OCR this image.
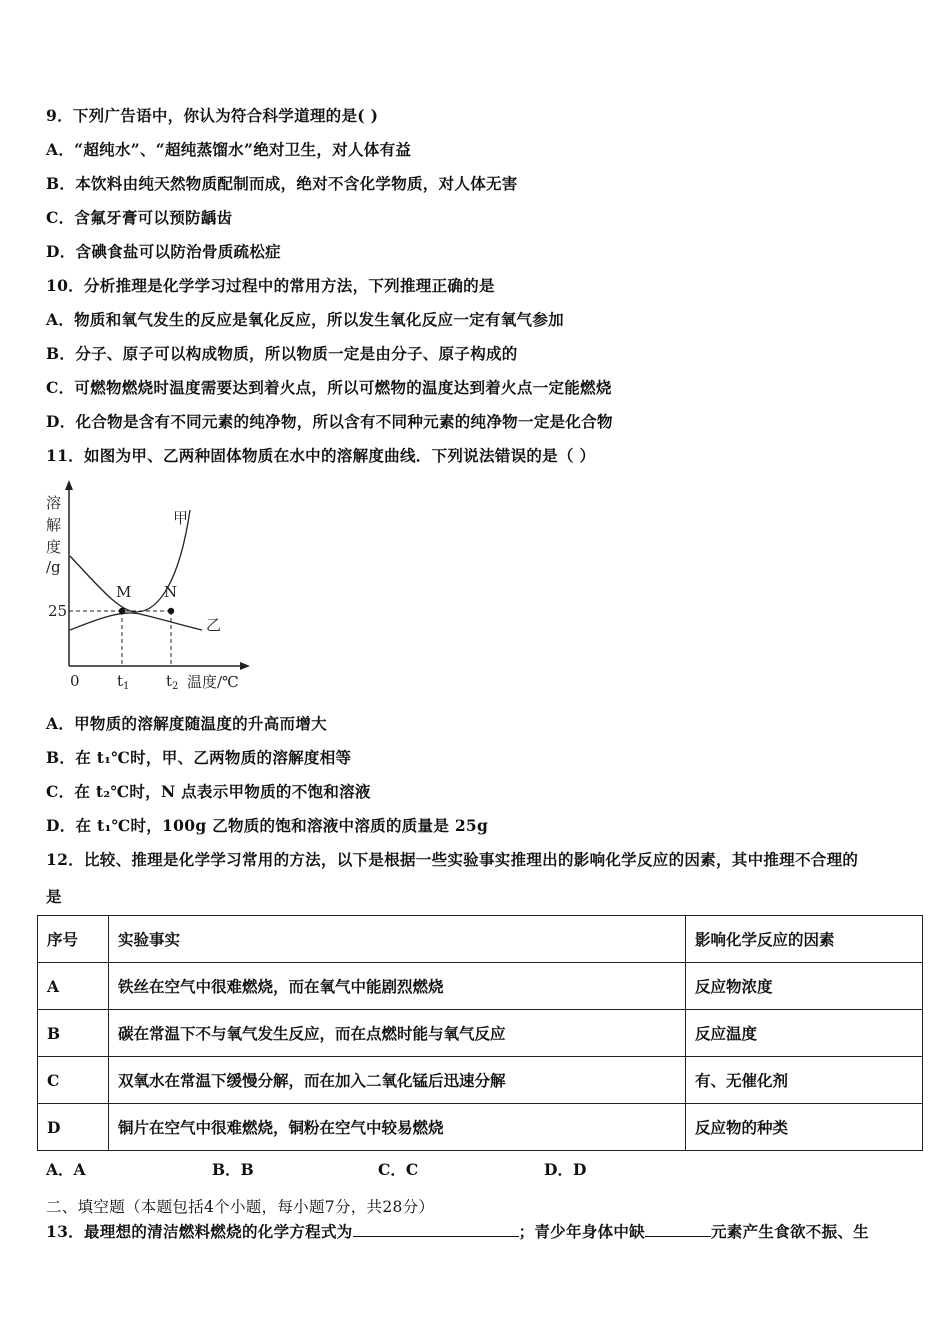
9．下列广告语中，你认为符合科学道理的是( )
A．“超纯水”、“超纯蒸馏水”绝对卫生，对人体有益
B．本饮料由纯天然物质配制而成，绝对不含化学物质，对人体无害
C．含氟牙膏可以预防龋齿
D．含碘食盐可以防治骨质疏松症
10．分析推理是化学学习过程中的常用方法，下列推理正确的是
A．物质和氧气发生的反应是氧化反应，所以发生氧化反应一定有氧气参加
B．分子、原子可以构成物质，所以物质一定是由分子、原子构成的
C．可燃物燃烧时温度需要达到着火点，所以可燃物的温度达到着火点一定能燃烧
D．化合物是含有不同元素的纯净物，所以含有不同种元素的纯净物一定是化合物
11．如图为甲、乙两种固体物质在水中的溶解度曲线．下列说法错误的是（ ）
溶
解
度
/g
M N
甲
乙
25
0 $t_1$ $t_2$ 温度/℃
A．甲物质的溶解度随温度的升高而增大
B．在 t₁℃时，甲、乙两物质的溶解度相等
C．在 t₂℃时，N 点表示甲物质的不饱和溶液
D．在 t₁℃时，100g 乙物质的饱和溶液中溶质的质量是 25g
12．比较、推理是化学学习常用的方法，以下是根据一些实验事实推理出的影响化学反应的因素，其中推理不合理的
是
序号	实验事实	影响化学反应的因素
A	铁丝在空气中很难燃烧，而在氧气中能剧烈燃烧	反应物浓度
B	碳在常温下不与氧气发生反应，而在点燃时能与氧气反应	反应温度
C	双氧水在常温下缓慢分解，而在加入二氧化锰后迅速分解	有、无催化剂
D	铜片在空气中很难燃烧，铜粉在空气中较易燃烧	反应物的种类
A．A	B．B	C．C	D．D
二、填空题（本题包括4个小题，每小题7分，共28分）
13．最理想的清洁燃料燃烧的化学方程式为	；青少年身体中缺	元素产生食欲不振、生
